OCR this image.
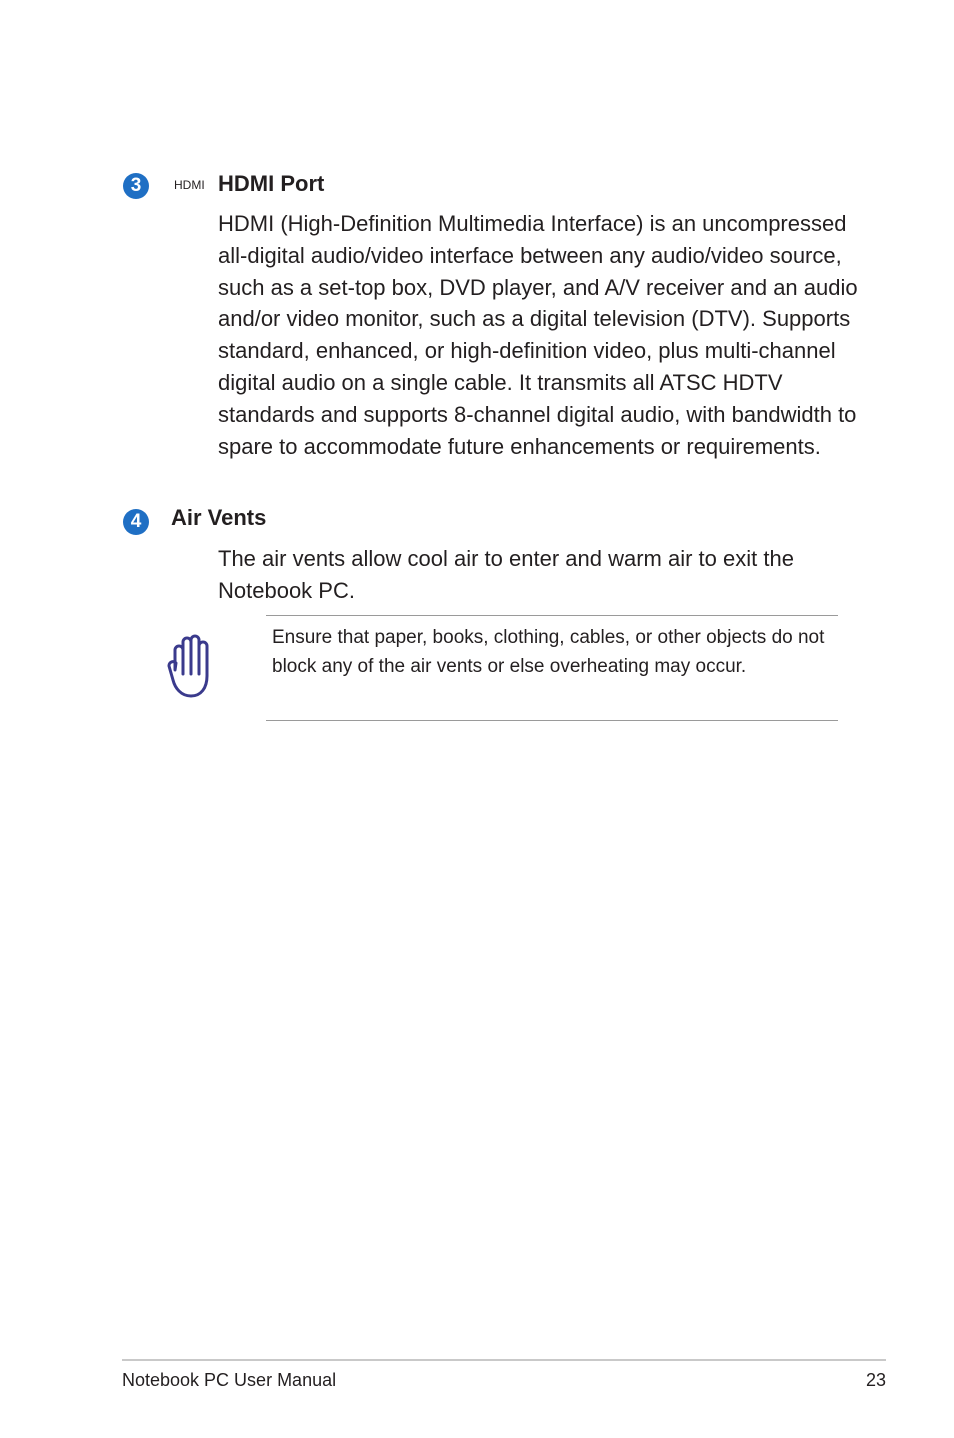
3	HDMI HDMI Port
HDMI (High-Definition Multimedia Interface) is an uncompressed all-digital audio/video interface between any audio/video source, such as a set-top box, DVD player, and A/V receiver and an audio and/or video monitor, such as a digital television (DTV). Supports standard, enhanced, or high-definition video, plus multi-channel digital audio on a single cable. It transmits all ATSC HDTV standards and supports 8-channel digital audio, with bandwidth to spare to accommodate future enhancements or requirements.
4 Air Vents
The air vents allow cool air to enter and warm air to exit the Notebook PC.
Ensure that paper, books, clothing, cables, or other objects do not block any of the air vents or else overheating may occur.
Notebook PC User Manual	23
